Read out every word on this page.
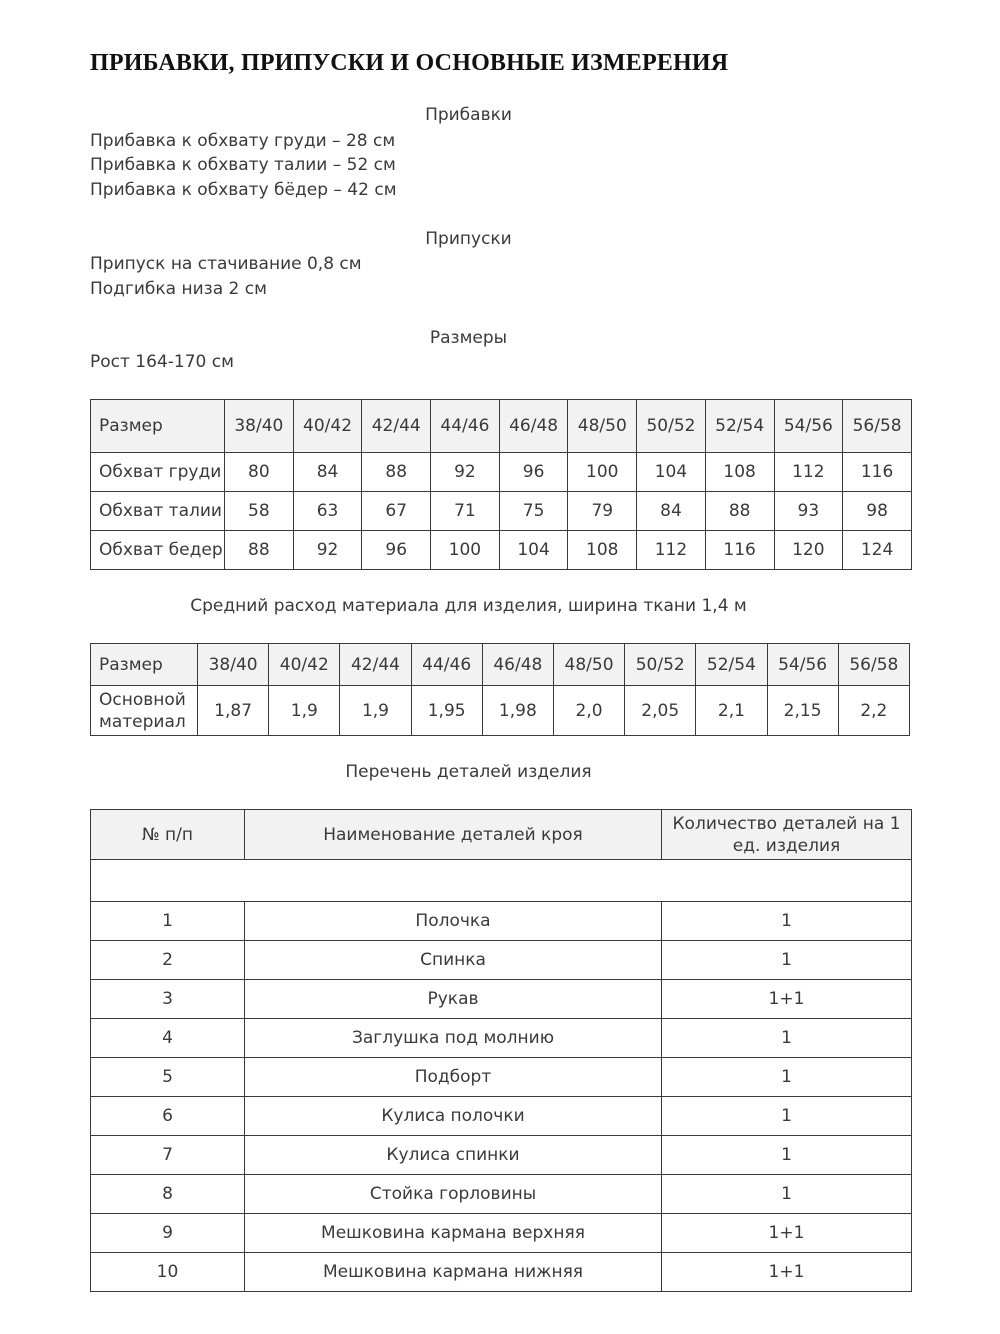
ПРИБАВКИ, ПРИПУСКИ И ОСНОВНЫЕ ИЗМЕРЕНИЯ
Прибавки
Прибавка к обхвату груди – 28 см
Прибавка к обхвату талии – 52 см
Прибавка к обхвату бёдер – 42 см
Припуски
Припуск на стачивание 0,8 см
Подгибка низа 2 см
Размеры
Рост 164-170 см
Размер	38/40	40/42	42/44	44/46	46/48	48/50	50/52	52/54	54/56	56/58
Обхват груди	80	84	88	92	96	100	104	108	112	116
Обхват талии	58	63	67	71	75	79	84	88	93	98
Обхват бедер	88	92	96	100	104	108	112	116	120	124
Средний расход материала для изделия, ширина ткани 1,4 м
Размер	38/40	40/42	42/44	44/46	46/48	48/50	50/52	52/54	54/56	56/58
Основной
материал	1,87	1,9	1,9	1,95	1,98	2,0	2,05	2,1	2,15	2,2
Перечень деталей изделия
№ п/п	Наименование деталей кроя	Количество деталей на 1
ед. изделия

1	Полочка	1
2	Спинка	1
3	Рукав	1+1
4	Заглушка под молнию	1
5	Подборт	1
6	Кулиса полочки	1
7	Кулиса спинки	1
8	Стойка горловины	1
9	Мешковина кармана верхняя	1+1
10	Мешковина кармана нижняя	1+1
